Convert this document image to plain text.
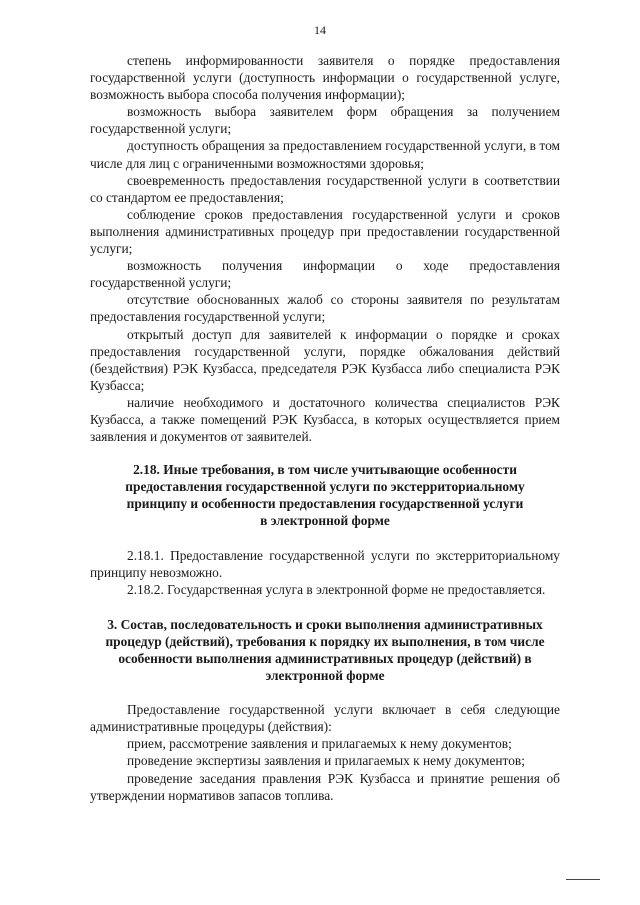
14

степень информированности заявителя о порядке предоставления государственной услуги (доступность информации о государственной услуге, возможность выбора способа получения информации);

возможность выбора заявителем форм обращения за получением государственной услуги;

доступность обращения за предоставлением государственной услуги, в том числе для лиц с ограниченными возможностями здоровья;

своевременность предоставления государственной услуги в соответствии со стандартом ее предоставления;

соблюдение сроков предоставления государственной услуги и сроков выполнения административных процедур при предоставлении государственной услуги;

возможность получения информации о ходе предоставления государственной услуги;

отсутствие обоснованных жалоб со стороны заявителя по результатам предоставления государственной услуги;

открытый доступ для заявителей к информации о порядке и сроках предоставления государственной услуги, порядке обжалования действий (бездействия) РЭК Кузбасса, председателя РЭК Кузбасса либо специалиста РЭК Кузбасса;

наличие необходимого и достаточного количества специалистов РЭК Кузбасса, а также помещений РЭК Кузбасса, в которых осуществляется прием заявления и документов от заявителей.

2.18. Иные требования, в том числе учитывающие особенности
предоставления государственной услуги по экстерриториальному
принципу и особенности предоставления государственной услуги
в электронной форме

2.18.1. Предоставление государственной услуги по экстерриториальному принципу невозможно.

2.18.2. Государственная услуга в электронной форме не предоставляется.

3. Состав, последовательность и сроки выполнения административных
процедур (действий), требования к порядку их выполнения, в том числе
особенности выполнения административных процедур (действий) в
электронной форме

Предоставление государственной услуги включает в себя следующие административные процедуры (действия):

прием, рассмотрение заявления и прилагаемых к нему документов;

проведение экспертизы заявления и прилагаемых к нему документов;

проведение заседания правления РЭК Кузбасса и принятие решения об утверждении нормативов запасов топлива.
